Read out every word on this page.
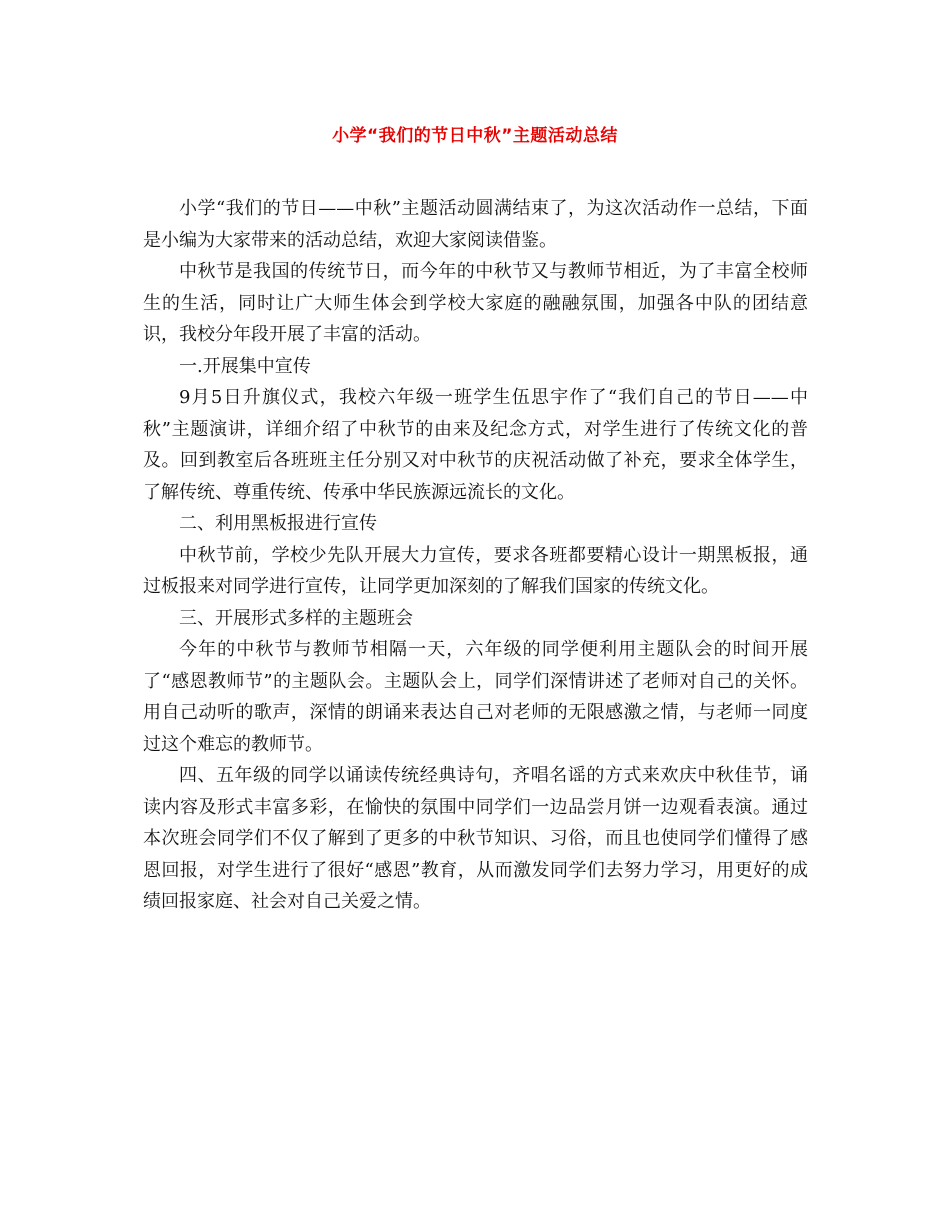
小学“我们的节日中秋”主题活动总结

小学“我们的节日——中秋”主题活动圆满结束了，为这次活动作一总结，下面是小编为大家带来的活动总结，欢迎大家阅读借鉴。

中秋节是我国的传统节日，而今年的中秋节又与教师节相近，为了丰富全校师生的生活，同时让广大师生体会到学校大家庭的融融氛围，加强各中队的团结意识，我校分年段开展了丰富的活动。

一.开展集中宣传

9月5日升旗仪式，我校六年级一班学生伍思宇作了“我们自己的节日——中秋”主题演讲，详细介绍了中秋节的由来及纪念方式，对学生进行了传统文化的普及。回到教室后各班班主任分别又对中秋节的庆祝活动做了补充，要求全体学生，了解传统、尊重传统、传承中华民族源远流长的文化。

二、利用黑板报进行宣传

中秋节前，学校少先队开展大力宣传，要求各班都要精心设计一期黑板报，通过板报来对同学进行宣传，让同学更加深刻的了解我们国家的传统文化。

三、开展形式多样的主题班会

今年的中秋节与教师节相隔一天，六年级的同学便利用主题队会的时间开展了“感恩教师节”的主题队会。主题队会上，同学们深情讲述了老师对自己的关怀。用自己动听的歌声，深情的朗诵来表达自己对老师的无限感激之情，与老师一同度过这个难忘的教师节。

四、五年级的同学以诵读传统经典诗句，齐唱名谣的方式来欢庆中秋佳节，诵读内容及形式丰富多彩，在愉快的氛围中同学们一边品尝月饼一边观看表演。通过本次班会同学们不仅了解到了更多的中秋节知识、习俗，而且也使同学们懂得了感恩回报，对学生进行了很好“感恩”教育，从而激发同学们去努力学习，用更好的成绩回报家庭、社会对自己关爱之情。
